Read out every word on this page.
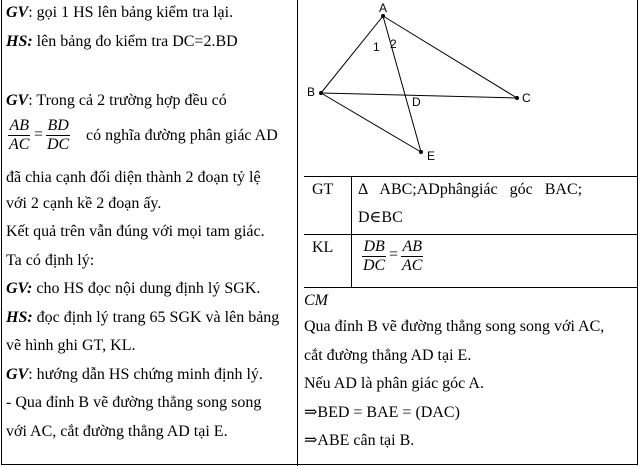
GV: gọi 1 HS lên bảng kiểm tra lại.
HS: lên bảng đo kiểm tra DC=2.BD
GV: Trong cả 2 trường hợp đều có
$\frac{AB}{AC} = \frac{BD}{DC}$ có nghĩa đường phân giác AD
đã chia cạnh đối diện thành 2 đoạn tỷ lệ
với 2 cạnh kề 2 đoạn ấy.
Kết quả trên vẫn đúng với mọi tam giác.
Ta có định lý:
GV: cho HS đọc nội dung định lý SGK.
HS: đọc định lý trang 65 SGK và lên bảng
vẽ hình ghi GT, KL.
GV: hướng dẫn HS chứng minh định lý.
- Qua đỉnh B vẽ đường thẳng song song
với AC, cắt đường thẳng AD tại E.
A
B	C
D
E
1 2
GT Δ   ABC;ADphângiác   góc   BAC;
D∈BC
KL $\frac{DB}{DC} = \frac{AB}{AC}$
CM
Qua đỉnh B vẽ đường thẳng song song với AC,
cắt đường thẳng AD tại E.
Nếu AD là phân giác góc A.
⇒BED = BAE = (DAC)
⇒ABE cân tại B.
